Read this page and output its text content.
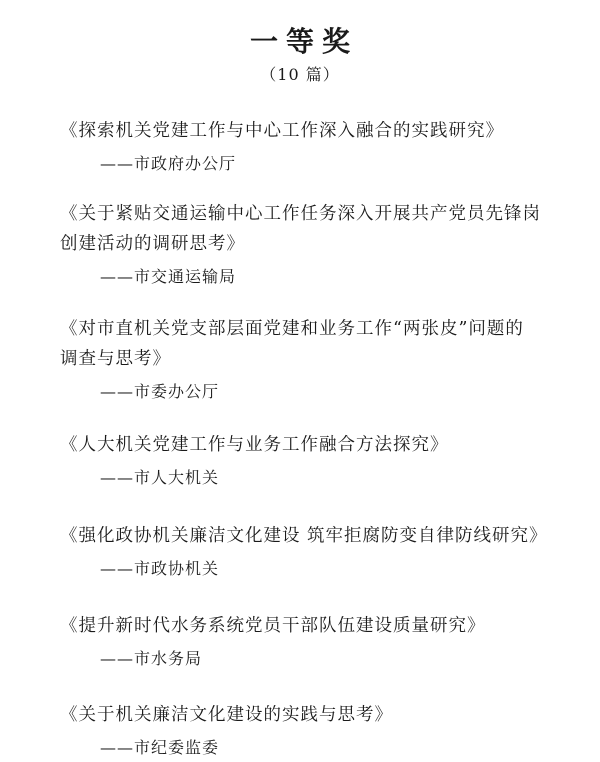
一等奖
（10 篇）

《探索机关党建工作与中心工作深入融合的实践研究》

——市政府办公厅

《关于紧贴交通运输中心工作任务深入开展共产党员先锋岗

创建活动的调研思考》

——市交通运输局

《对市直机关党支部层面党建和业务工作“两张皮”问题的

调查与思考》

——市委办公厅

《人大机关党建工作与业务工作融合方法探究》

——市人大机关

《强化政协机关廉洁文化建设 筑牢拒腐防变自律防线研究》

——市政协机关

《提升新时代水务系统党员干部队伍建设质量研究》

——市水务局

《关于机关廉洁文化建设的实践与思考》

——市纪委监委
